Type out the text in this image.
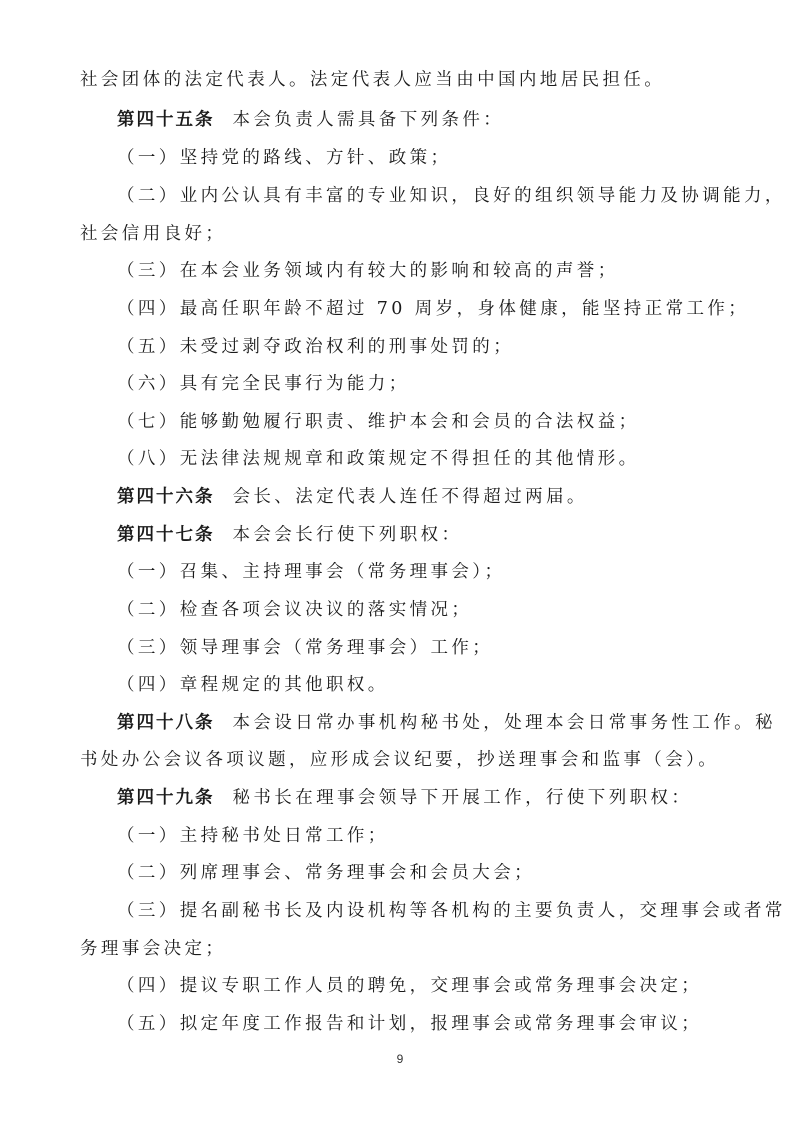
社会团体的法定代表人。法定代表人应当由中国内地居民担任。
第四十五条 本会负责人需具备下列条件：
（一）坚持党的路线、方针、政策；
（二）业内公认具有丰富的专业知识，良好的组织领导能力及协调能力，
社会信用良好；
（三）在本会业务领域内有较大的影响和较高的声誉；
（四）最高任职年龄不超过 70 周岁，身体健康，能坚持正常工作；
（五）未受过剥夺政治权利的刑事处罚的；
（六）具有完全民事行为能力；
（七）能够勤勉履行职责、维护本会和会员的合法权益；
（八）无法律法规规章和政策规定不得担任的其他情形。
第四十六条 会长、法定代表人连任不得超过两届。
第四十七条 本会会长行使下列职权：
（一）召集、主持理事会（常务理事会）；
（二）检查各项会议决议的落实情况；
（三）领导理事会（常务理事会）工作；
（四）章程规定的其他职权。
第四十八条 本会设日常办事机构秘书处，处理本会日常事务性工作。秘
书处办公会议各项议题，应形成会议纪要，抄送理事会和监事（会）。
第四十九条 秘书长在理事会领导下开展工作，行使下列职权：
（一）主持秘书处日常工作；
（二）列席理事会、常务理事会和会员大会；
（三）提名副秘书长及内设机构等各机构的主要负责人，交理事会或者常
务理事会决定；
（四）提议专职工作人员的聘免，交理事会或常务理事会决定；
（五）拟定年度工作报告和计划，报理事会或常务理事会审议；
9
